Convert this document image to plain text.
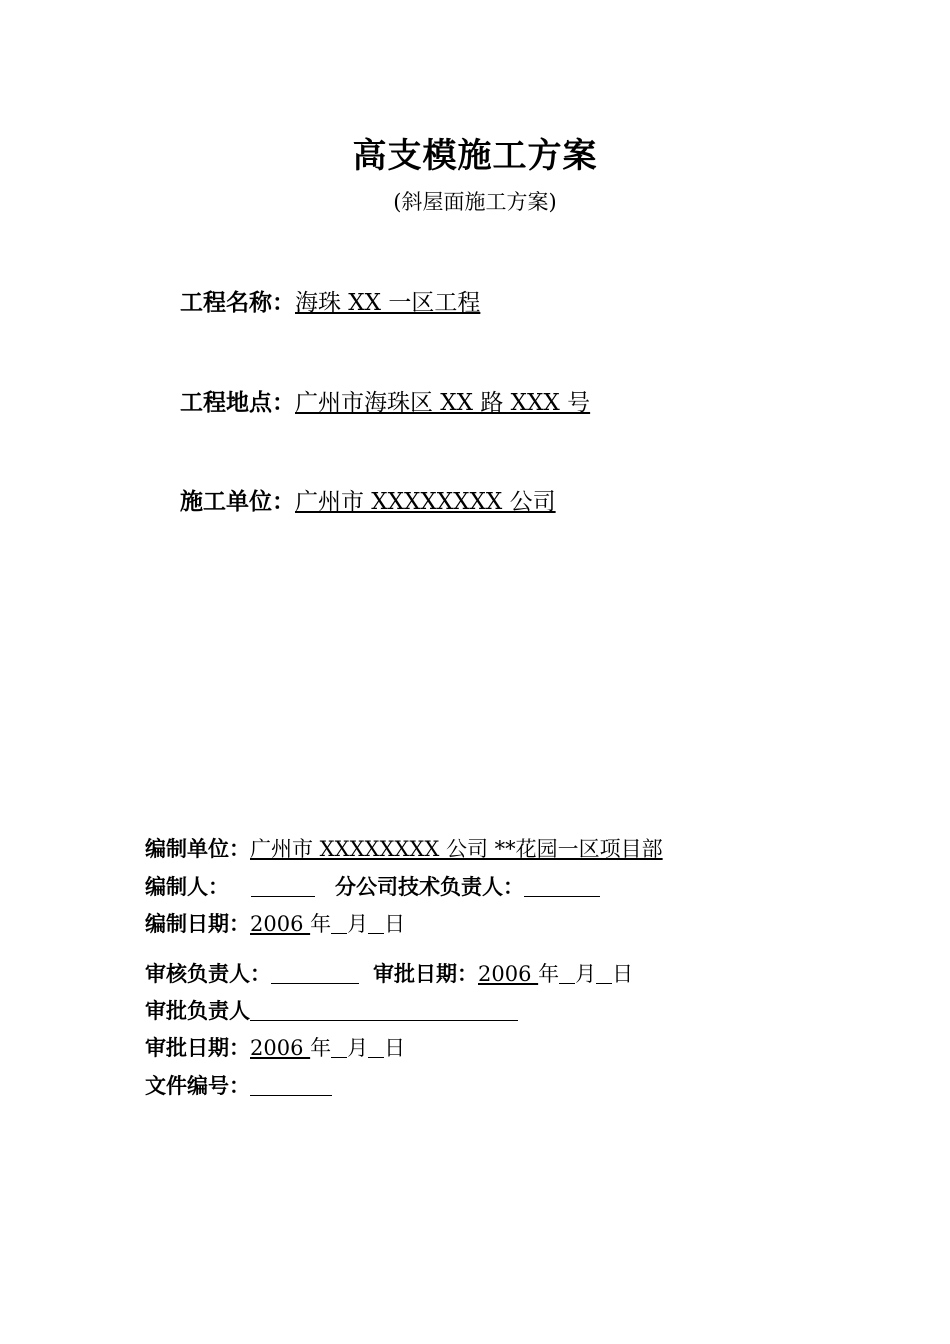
高支模施工方案
(斜屋面施工方案)
工程名称：海珠 XX 一区工程
工程地点：广州市海珠区 XX 路 XXX 号
施工单位：广州市 XXXXXXXX 公司
编制单位：广州市 XXXXXXXX 公司 **花园一区项目部
编制人：	分公司技术负责人：
编制日期：2006 年 月 日
审核负责人：	审批日期：2006 年 月 日
审批负责人
审批日期：2006 年 月 日
文件编号：
